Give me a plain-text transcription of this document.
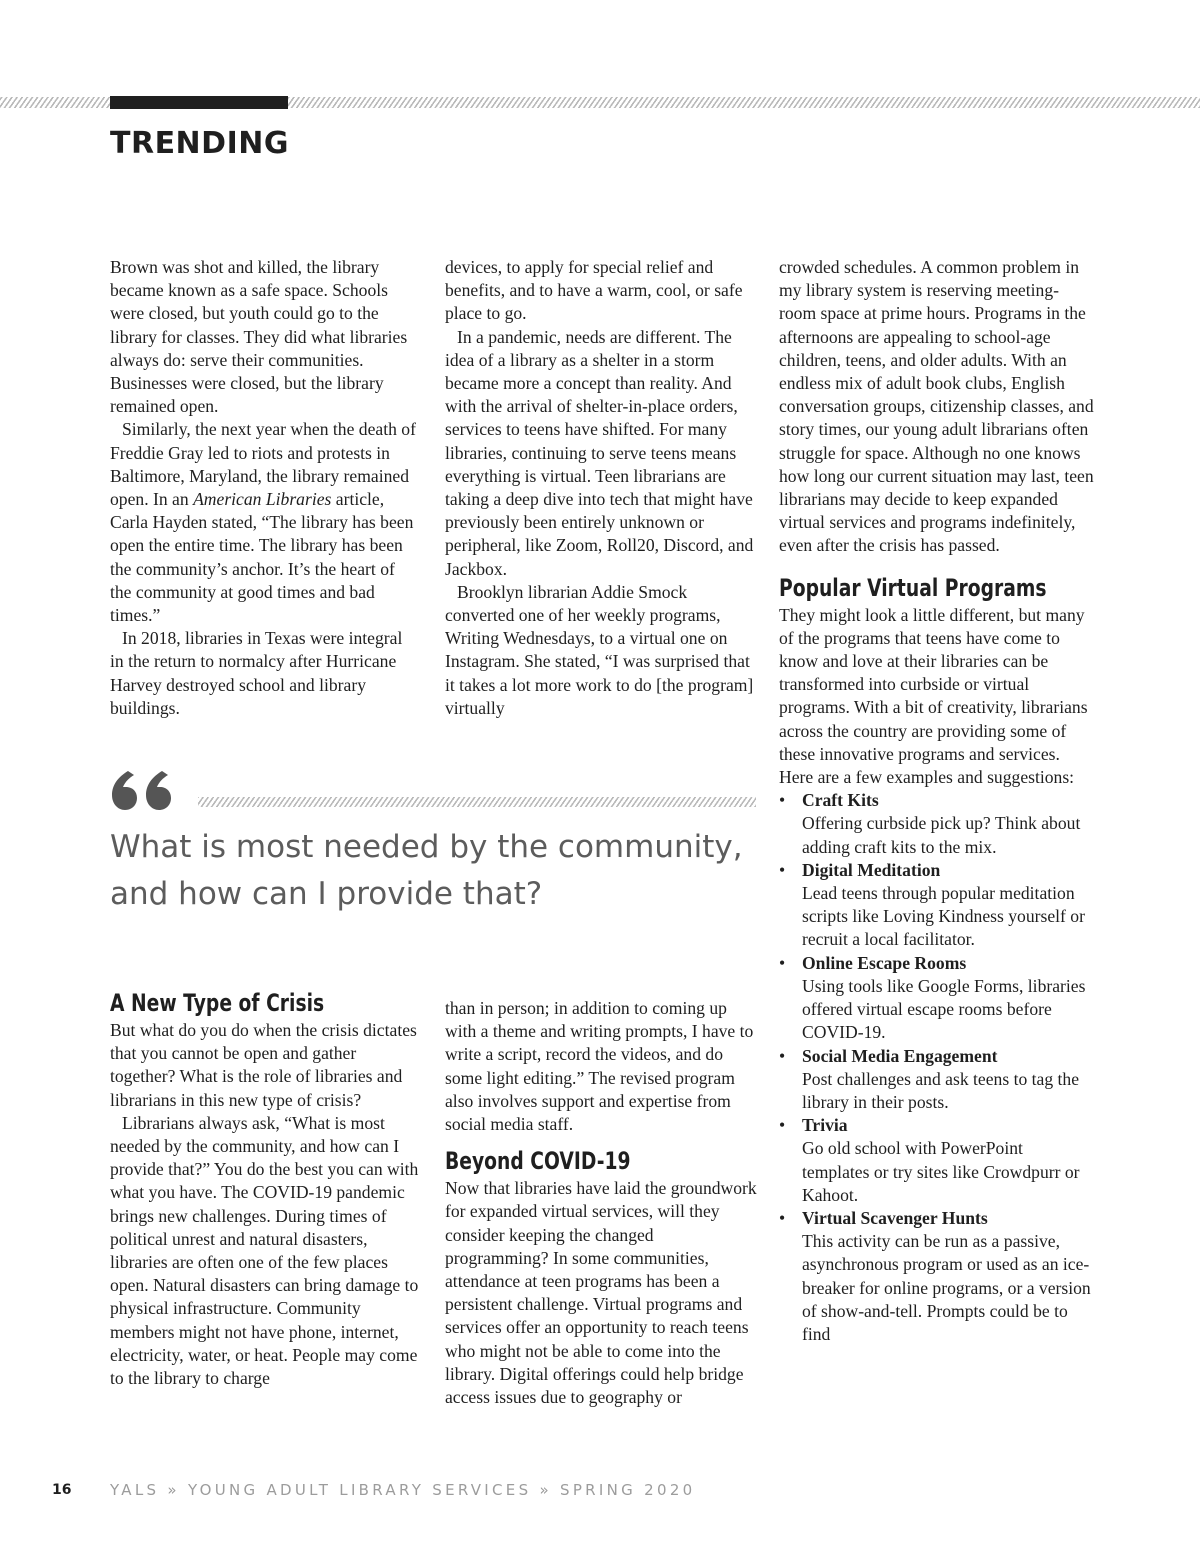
TRENDING

Brown was shot and killed, the library became known as a safe space. Schools were closed, but youth could go to the library for classes. They did what libraries always do: serve their communities. Businesses were closed, but the library remained open.

Similarly, the next year when the death of Freddie Gray led to riots and protests in Baltimore, Maryland, the library remained open. In an American Libraries article, Carla Hayden stated, “The library has been open the entire time. The library has been the community’s anchor. It’s the heart of the community at good times and bad times.”

In 2018, libraries in Texas were integral in the return to normalcy after Hurricane Harvey destroyed school and library buildings.

devices, to apply for special relief and benefits, and to have a warm, cool, or safe place to go.

In a pandemic, needs are different. The idea of a library as a shelter in a storm became more a concept than reality. And with the arrival of shelter-in-place orders, services to teens have shifted. For many libraries, continuing to serve teens means everything is virtual. Teen librarians are taking a deep dive into tech that might have previously been entirely unknown or peripheral, like Zoom, Roll20, Discord, and Jackbox.

Brooklyn librarian Addie Smock converted one of her weekly programs, Writing Wednesdays, to a virtual one on Instagram. She stated, “I was surprised that it takes a lot more work to do [the program] virtually

What is most needed by the community, and how can I provide that?

A New Type of Crisis

But what do you do when the crisis dictates that you cannot be open and gather together? What is the role of libraries and librarians in this new type of crisis?

Librarians always ask, “What is most needed by the community, and how can I provide that?” You do the best you can with what you have. The COVID-19 pandemic brings new challenges. During times of political unrest and natural disasters, libraries are often one of the few places open. Natural disasters can bring damage to physical infrastructure. Community members might not have phone, internet, electricity, water, or heat. People may come to the library to charge

than in person; in addition to coming up with a theme and writing prompts, I have to write a script, record the videos, and do some light editing.” The revised program also involves support and expertise from social media staff.

Beyond COVID-19

Now that libraries have laid the groundwork for expanded virtual services, will they consider keeping the changed programming? In some communities, attendance at teen programs has been a persistent challenge. Virtual programs and services offer an opportunity to reach teens who might not be able to come into the library. Digital offerings could help bridge access issues due to geography or

crowded schedules. A common problem in my library system is reserving meeting-room space at prime hours. Programs in the afternoons are appealing to school-age children, teens, and older adults. With an endless mix of adult book clubs, English conversation groups, citizenship classes, and story times, our young adult librarians often struggle for space. Although no one knows how long our current situation may last, teen librarians may decide to keep expanded virtual services and programs indefinitely, even after the crisis has passed.

Popular Virtual Programs

They might look a little different, but many of the programs that teens have come to know and love at their libraries can be transformed into curbside or virtual programs. With a bit of creativity, librarians across the country are providing some of these innovative programs and services. Here are a few examples and suggestions:

• Craft Kits
Offering curbside pick up? Think about adding craft kits to the mix.
• Digital Meditation
Lead teens through popular meditation scripts like Loving Kindness yourself or recruit a local facilitator.
• Online Escape Rooms
Using tools like Google Forms, libraries offered virtual escape rooms before COVID-19.
• Social Media Engagement
Post challenges and ask teens to tag the library in their posts.
• Trivia
Go old school with PowerPoint templates or try sites like Crowdpurr or Kahoot.
• Virtual Scavenger Hunts
This activity can be run as a passive, asynchronous program or used as an ice-breaker for online programs, or a version of show-and-tell. Prompts could be to find
16	YALS » YOUNG ADULT LIBRARY SERVICES » SPRING 2020
